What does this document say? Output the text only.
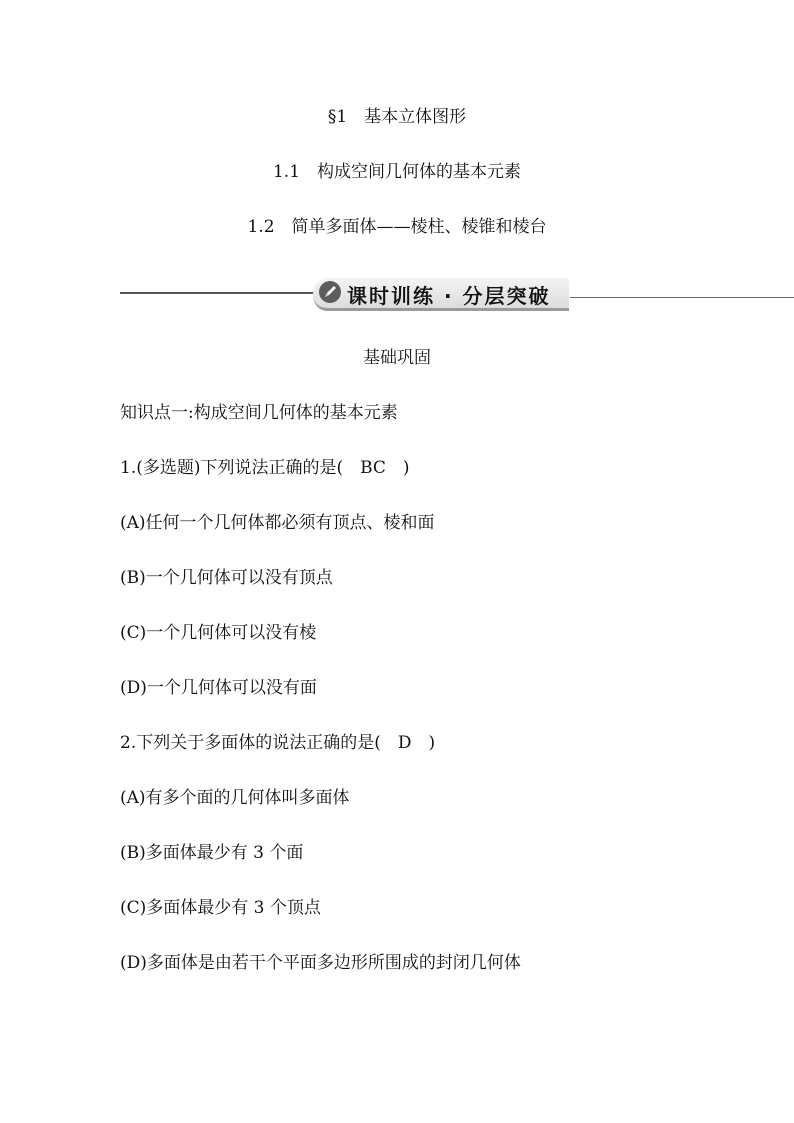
§1　基本立体图形
1.1　构成空间几何体的基本元素
1.2　简单多面体——棱柱、棱锥和棱台
课时训练 · 分层突破
基础巩固
知识点一:构成空间几何体的基本元素
1.(多选题)下列说法正确的是(　BC　)
(A)任何一个几何体都必须有顶点、棱和面
(B)一个几何体可以没有顶点
(C)一个几何体可以没有棱
(D)一个几何体可以没有面
2.下列关于多面体的说法正确的是(　D　)
(A)有多个面的几何体叫多面体
(B)多面体最少有 3 个面
(C)多面体最少有 3 个顶点
(D)多面体是由若干个平面多边形所围成的封闭几何体
